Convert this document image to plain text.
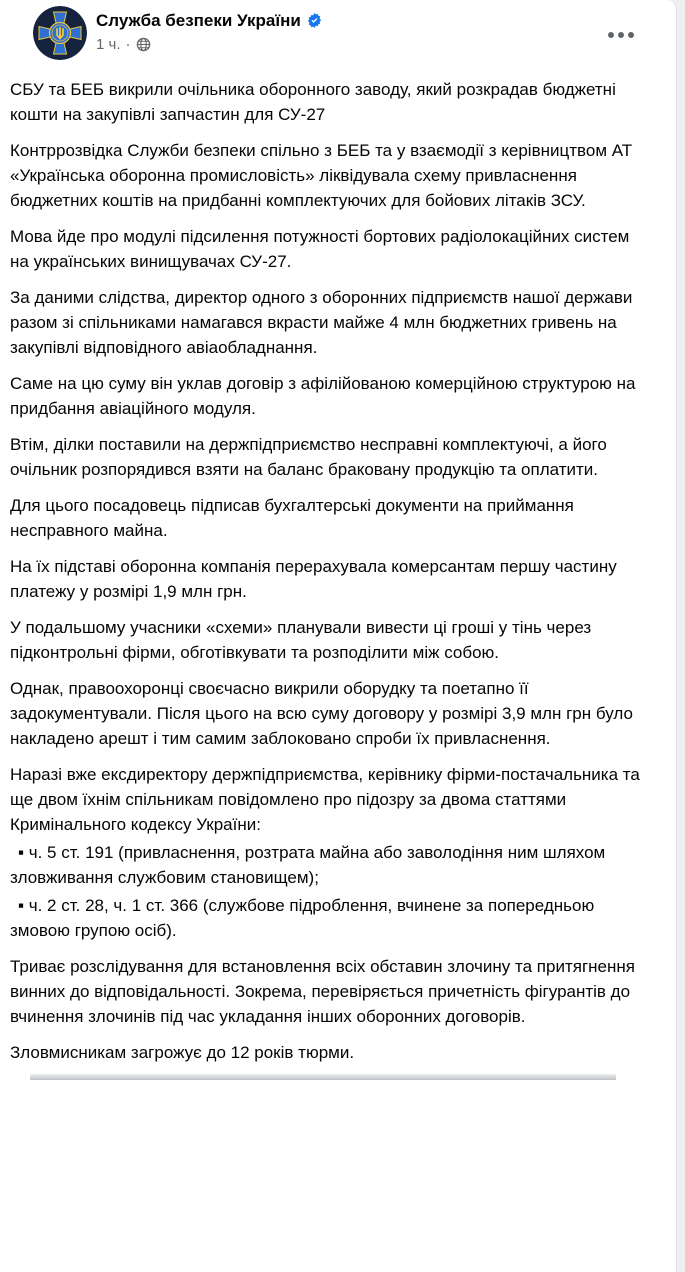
Служба безпеки України
1 ч. ·

СБУ та БЕБ викрили очільника оборонного заводу, який розкрадав бюджетні кошти на закупівлі запчастин для СУ-27

Контррозвідка Служби безпеки спільно з БЕБ та у взаємодії з керівництвом АТ «Українська оборонна промисловість» ліквідувала схему привласнення бюджетних коштів на придбанні комплектуючих для бойових літаків ЗСУ.

Мова йде про модулі підсилення потужності бортових радіолокаційних систем на українських винищувачах СУ-27.

За даними слідства, директор одного з оборонних підприємств нашої держави разом зі спільниками намагався вкрасти майже 4 млн бюджетних гривень на закупівлі відповідного авіаобладнання.

Саме на цю суму він уклав договір з афілійованою комерційною структурою на придбання авіаційного модуля.

Втім, ділки поставили на держпідприємство несправні комплектуючі, а його очільник розпорядився взяти на баланс браковану продукцію та оплатити.

Для цього посадовець підписав бухгалтерські документи на приймання несправного майна.

На їх підставі оборонна компанія перерахувала комерсантам першу частину платежу у розмірі 1,9 млн грн.

У подальшому учасники «схеми» планували вивести ці гроші у тінь через підконтрольні фірми, обготівкувати та розподілити між собою.

Однак, правоохоронці своєчасно викрили оборудку та поетапно її задокументували. Після цього на всю суму договору у розмірі 3,9 млн грн було накладено арешт і тим самим заблоковано спроби їх привласнення.

Наразі вже ексдиректору держпідприємства, керівнику фірми-постачальника та ще двом їхнім спільникам повідомлено про підозру за двома статтями Кримінального кодексу України:

▪ ч. 5 ст. 191 (привласнення, розтрата майна або заволодіння ним шляхом зловживання службовим становищем);

▪ ч. 2 ст. 28, ч. 1 ст. 366 (службове підроблення, вчинене за попередньою змовою групою осіб).

Триває розслідування для встановлення всіх обставин злочину та притягнення винних до відповідальності. Зокрема, перевіряється причетність фігурантів до вчинення злочинів під час укладання інших оборонних договорів.

Зловмисникам загрожує до 12 років тюрми.
